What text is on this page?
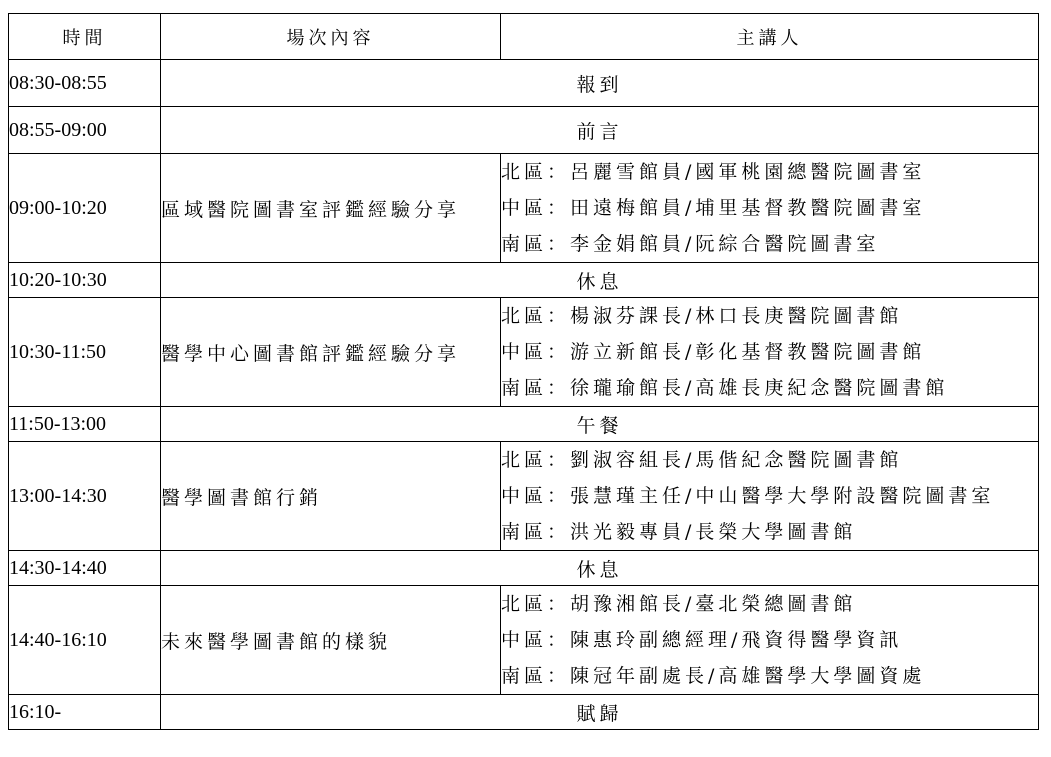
時間	場次內容	主講人
08:30-08:55	報到	
08:55-09:00	前言	
09:00-10:20	區域醫院圖書室評鑑經驗分享	北區：呂麗雪館員/國軍桃園總醫院圖書室
中區：田遠梅館員/埔里基督教醫院圖書室
南區：李金娟館員/阮綜合醫院圖書室

10:20-10:30	休息	
10:30-11:50	醫學中心圖書館評鑑經驗分享	北區：楊淑芬課長/林口長庚醫院圖書館
中區：游立新館長/彰化基督教醫院圖書館
南區：徐瓏瑜館長/高雄長庚紀念醫院圖書館

11:50-13:00	午餐	
13:00-14:30	醫學圖書館行銷	北區：劉淑容組長/馬偕紀念醫院圖書館
中區：張慧瑾主任/中山醫學大學附設醫院圖書室
南區：洪光毅專員/長榮大學圖書館

14:30-14:40	休息	
14:40-16:10	未來醫學圖書館的樣貌	北區：胡豫湘館長/臺北榮總圖書館
中區：陳惠玲副總經理/飛資得醫學資訊
南區：陳冠年副處長/高雄醫學大學圖資處

16:10-	賦歸	
